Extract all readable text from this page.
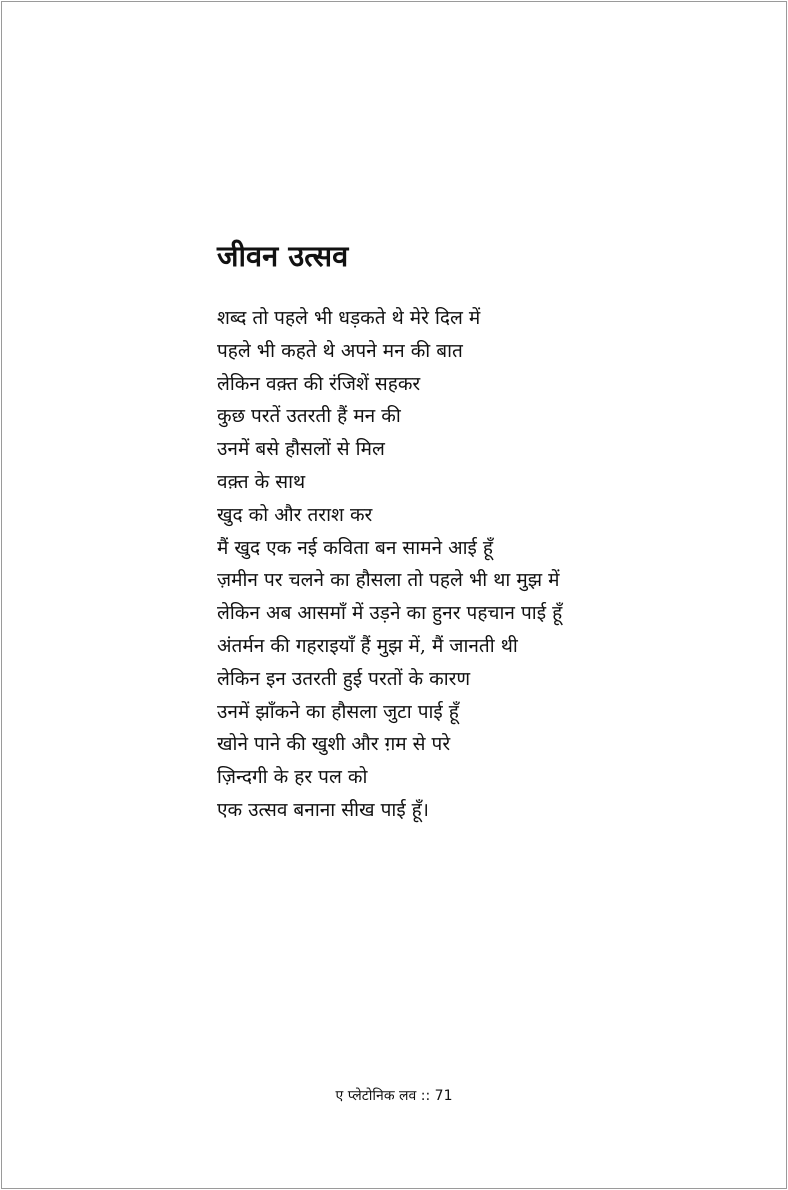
जीवन उत्सव
शब्द तो पहले भी धड़कते थे मेरे दिल में
पहले भी कहते थे अपने मन की बात
लेकिन वक़्त की रंजिशें सहकर
कुछ परतें उतरती हैं मन की
उनमें बसे हौसलों से मिल
वक़्त के साथ
खुद को और तराश कर
मैं खुद एक नई कविता बन सामने आई हूँ
ज़मीन पर चलने का हौसला तो पहले भी था मुझ में
लेकिन अब आसमाँ में उड़ने का हुनर पहचान पाई हूँ
अंतर्मन की गहराइयाँ हैं मुझ में, मैं जानती थी
लेकिन इन उतरती हुई परतों के कारण
उनमें झाँकने का हौसला जुटा पाई हूँ
खोने पाने की खुशी और ग़म से परे
ज़िन्दगी के हर पल को
एक उत्सव बनाना सीख पाई हूँ।
ए प्लेटोनिक लव :: 71
